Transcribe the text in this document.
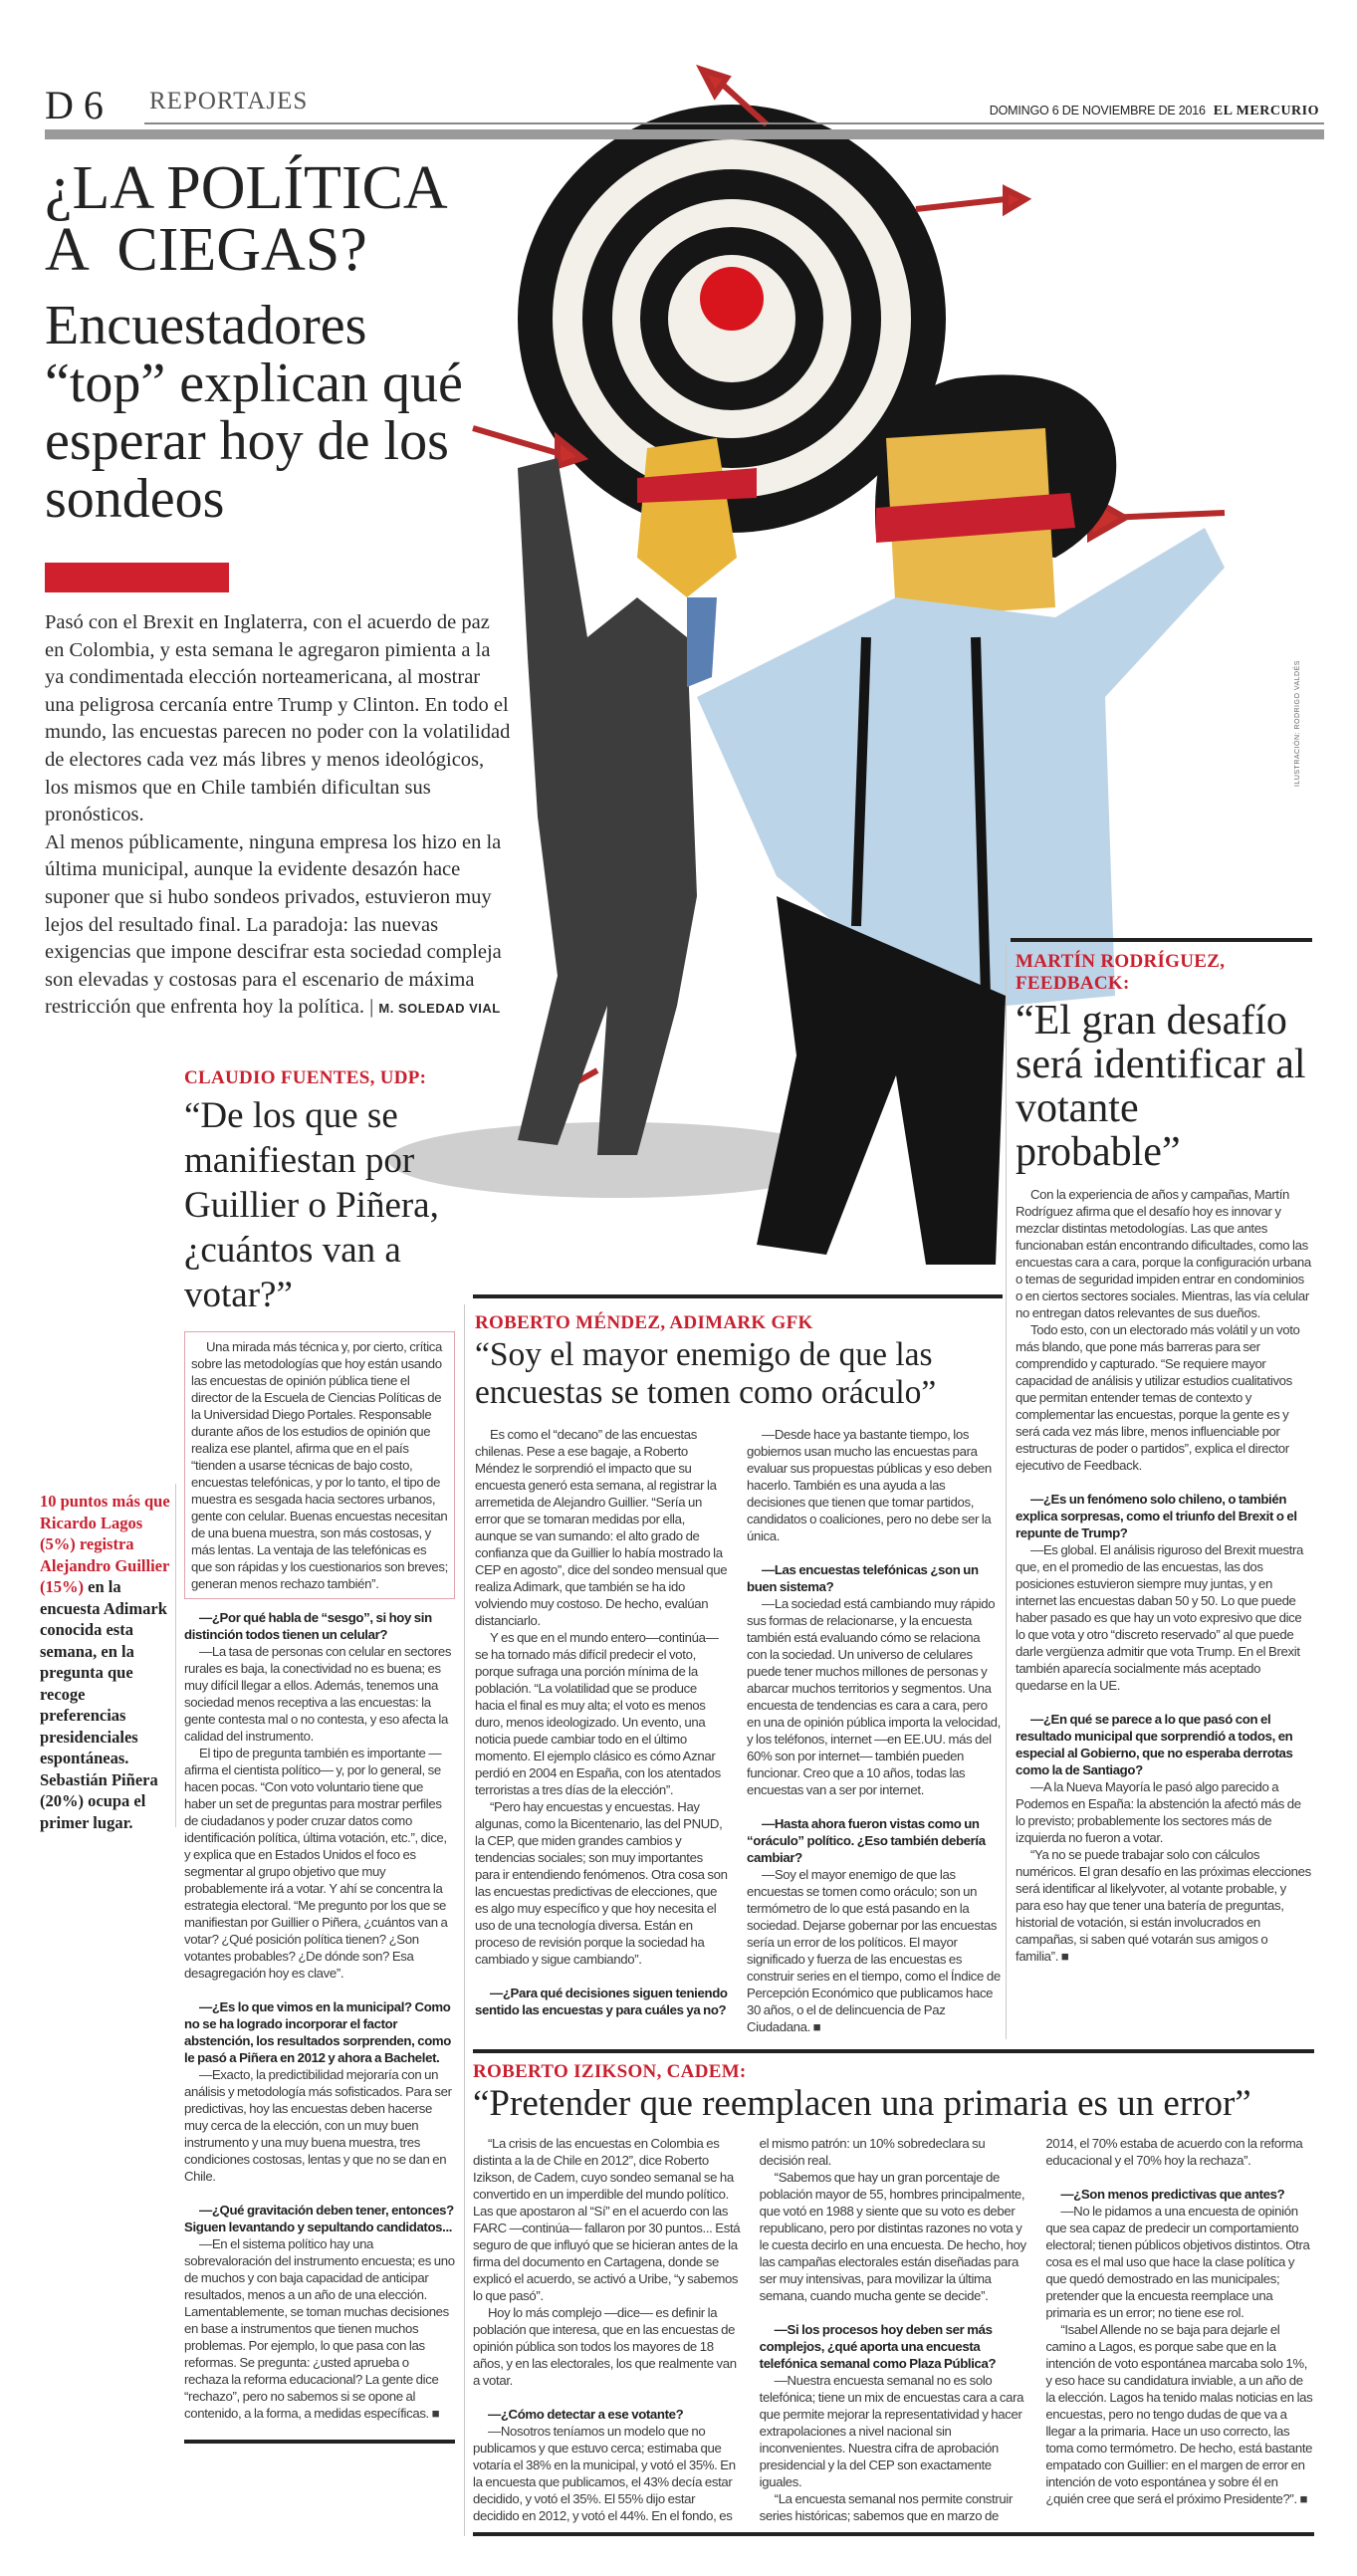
D 6 REPORTAJES	DOMINGO 6 DE NOVIEMBRE DE 2016 EL MERCURIO
¿LA POLÍTICA
A  CIEGAS?
Encuestadores “top” explican qué esperar hoy de los sondeos

Pasó con el Brexit en Inglaterra, con el acuerdo de paz en Colombia, y esta semana le agregaron pimienta a la ya condimentada elección norteamericana, al mostrar una peligrosa cercanía entre Trump y Clinton. En todo el mundo, las encuestas parecen no poder con la volatilidad de electores cada vez más libres y menos ideológicos, los mismos que en Chile también dificultan sus pronósticos.

Al menos públicamente, ninguna empresa los hizo en la última municipal, aunque la evidente desazón hace suponer que si hubo sondeos privados, estuvieron muy lejos del resultado final. La paradoja: las nuevas exigencias que impone descifrar esta sociedad compleja son elevadas y costosas para el escenario de máxima restricción que enfrenta hoy la política. | M. SOLEDAD VIAL

ILUSTRACIÓN: RODRIGO VALDÉS
10 puntos más que Ricardo Lagos (5%) registra Alejandro Guillier (15%) en la encuesta Adimark conocida esta semana, en la pregunta que recoge preferencias presidenciales espontáneas. Sebastián Piñera (20%) ocupa el primer lugar.
CLAUDIO FUENTES, UDP:
“De los que se manifiestan por Guillier o Piñera, ¿cuántos van a votar?”

Una mirada más técnica y, por cierto, crítica sobre las metodologías que hoy están usando las encuestas de opinión pública tiene el director de la Escuela de Ciencias Políticas de la Universidad Diego Portales. Responsable durante años de los estudios de opinión que realiza ese plantel, afirma que en el país “tienden a usarse técnicas de bajo costo, encuestas telefónicas, y por lo tanto, el tipo de muestra es sesgada hacia sectores urbanos, gente con celular. Buenas encuestas necesitan de una buena muestra, son más costosas, y más lentas. La ventaja de las telefónicas es que son rápidas y los cuestionarios son breves; generan menos rechazo también”.

—¿Por qué habla de “sesgo”, si hoy sin distinción todos tienen un celular?

—La tasa de personas con celular en sectores rurales es baja, la conectividad no es buena; es muy difícil llegar a ellos. Además, tenemos una sociedad menos receptiva a las encuestas: la gente contesta mal o no contesta, y eso afecta la calidad del instrumento.

El tipo de pregunta también es importante —afirma el cientista político— y, por lo general, se hacen pocas. “Con voto voluntario tiene que haber un set de preguntas para mostrar perfiles de ciudadanos y poder cruzar datos como identificación política, última votación, etc.”, dice, y explica que en Estados Unidos el foco es segmentar al grupo objetivo que muy probablemente irá a votar. Y ahí se concentra la estrategia electoral. “Me pregunto por los que se manifiestan por Guillier o Piñera, ¿cuántos van a votar? ¿Qué posición política tienen? ¿Son votantes probables? ¿De dónde son? Esa desagregación hoy es clave”.

—¿Es lo que vimos en la municipal? Como no se ha logrado incorporar el factor abstención, los resultados sorprenden, como le pasó a Piñera en 2012 y ahora a Bachelet.

—Exacto, la predictibilidad mejoraría con un análisis y metodología más sofisticados. Para ser predictivas, hoy las encuestas deben hacerse muy cerca de la elección, con un muy buen instrumento y una muy buena muestra, tres condiciones costosas, lentas y que no se dan en Chile.

—¿Qué gravitación deben tener, entonces? Siguen levantando y sepultando candidatos...

—En el sistema político hay una sobrevaloración del instrumento encuesta; es uno de muchos y con baja capacidad de anticipar resultados, menos a un año de una elección. Lamentablemente, se toman muchas decisiones en base a instrumentos que tienen muchos problemas. Por ejemplo, lo que pasa con las reformas. Se pregunta: ¿usted aprueba o rechaza la reforma educacional? La gente dice “rechazo”, pero no sabemos si se opone al contenido, a la forma, a medidas específicas. ■

ROBERTO MÉNDEZ, ADIMARK GFK
“Soy el mayor enemigo de que las encuestas se tomen como oráculo”

Es como el “decano” de las encuestas chilenas. Pese a ese bagaje, a Roberto Méndez le sorprendió el impacto que su encuesta generó esta semana, al registrar la arremetida de Alejandro Guillier. “Sería un error que se tomaran medidas por ella, aunque se van sumando: el alto grado de confianza que da Guillier lo había mostrado la CEP en agosto”, dice del sondeo mensual que realiza Adimark, que también se ha ido volviendo muy costoso. De hecho, evalúan distanciarlo.

Y es que en el mundo entero—continúa— se ha tornado más difícil predecir el voto, porque sufraga una porción mínima de la población. “La volatilidad que se produce hacia el final es muy alta; el voto es menos duro, menos ideologizado. Un evento, una noticia puede cambiar todo en el último momento. El ejemplo clásico es cómo Aznar perdió en 2004 en España, con los atentados terroristas a tres días de la elección”.

“Pero hay encuestas y encuestas. Hay algunas, como la Bicentenario, las del PNUD, la CEP, que miden grandes cambios y tendencias sociales; son muy importantes para ir entendiendo fenómenos. Otra cosa son las encuestas predictivas de elecciones, que es algo muy específico y que hoy necesita el uso de una tecnología diversa. Están en proceso de revisión porque la sociedad ha cambiado y sigue cambiando”.

—¿Para qué decisiones siguen teniendo sentido las encuestas y para cuáles ya no?

—Desde hace ya bastante tiempo, los gobiernos usan mucho las encuestas para evaluar sus propuestas públicas y eso deben hacerlo. También es una ayuda a las decisiones que tienen que tomar partidos, candidatos o coaliciones, pero no debe ser la única.

—Las encuestas telefónicas ¿son un buen sistema?

—La sociedad está cambiando muy rápido sus formas de relacionarse, y la encuesta también está evaluando cómo se relaciona con la sociedad. Un universo de celulares puede tener muchos millones de personas y abarcar muchos territorios y segmentos. Una encuesta de tendencias es cara a cara, pero en una de opinión pública importa la velocidad, y los teléfonos, internet —en EE.UU. más del 60% son por internet— también pueden funcionar. Creo que a 10 años, todas las encuestas van a ser por internet.

—Hasta ahora fueron vistas como un “oráculo” político. ¿Eso también debería cambiar?

—Soy el mayor enemigo de que las encuestas se tomen como oráculo; son un termómetro de lo que está pasando en la sociedad. Dejarse gobernar por las encuestas sería un error de los políticos. El mayor significado y fuerza de las encuestas es construir series en el tiempo, como el Índice de Percepción Económico que publicamos hace 30 años, o el de delincuencia de Paz Ciudadana. ■

MARTÍN RODRÍGUEZ, FEEDBACK:
“El gran desafío será identificar al votante probable”

Con la experiencia de años y campañas, Martín Rodríguez afirma que el desafío hoy es innovar y mezclar distintas metodologías. Las que antes funcionaban están encontrando dificultades, como las encuestas cara a cara, porque la configuración urbana o temas de seguridad impiden entrar en condominios o en ciertos sectores sociales. Mientras, las vía celular no entregan datos relevantes de sus dueños.

Todo esto, con un electorado más volátil y un voto más blando, que pone más barreras para ser comprendido y capturado. “Se requiere mayor capacidad de análisis y utilizar estudios cualitativos que permitan entender temas de contexto y complementar las encuestas, porque la gente es y será cada vez más libre, menos influenciable por estructuras de poder o partidos”, explica el director ejecutivo de Feedback.

—¿Es un fenómeno solo chileno, o también explica sorpresas, como el triunfo del Brexit o el repunte de Trump?

—Es global. El análisis riguroso del Brexit muestra que, en el promedio de las encuestas, las dos posiciones estuvieron siempre muy juntas, y en internet las encuestas daban 50 y 50. Lo que puede haber pasado es que hay un voto expresivo que dice lo que vota y otro “discreto reservado” al que puede darle vergüenza admitir que vota Trump. En el Brexit también aparecía socialmente más aceptado quedarse en la UE.

—¿En qué se parece a lo que pasó con el resultado municipal que sorprendió a todos, en especial al Gobierno, que no esperaba derrotas como la de Santiago?

—A la Nueva Mayoría le pasó algo parecido a Podemos en España: la abstención la afectó más de lo previsto; probablemente los sectores más de izquierda no fueron a votar.

“Ya no se puede trabajar solo con cálculos numéricos. El gran desafío en las próximas elecciones será identificar al likelyvoter, al votante probable, y para eso hay que tener una batería de preguntas, historial de votación, si están involucrados en campañas, si saben qué votarán sus amigos o familia”. ■

ROBERTO IZIKSON, CADEM:
“Pretender que reemplacen una primaria es un error”

“La crisis de las encuestas en Colombia es distinta a la de Chile en 2012”, dice Roberto Izikson, de Cadem, cuyo sondeo semanal se ha convertido en un imperdible del mundo político. Las que apostaron al “Sí” en el acuerdo con las FARC —continúa— fallaron por 30 puntos... Está seguro de que influyó que se hicieran antes de la firma del documento en Cartagena, donde se explicó el acuerdo, se activó a Uribe, “y sabemos lo que pasó”.

Hoy lo más complejo —dice— es definir la población que interesa, que en las encuestas de opinión pública son todos los mayores de 18 años, y en las electorales, los que realmente van a votar.

—¿Cómo detectar a ese votante?

—Nosotros teníamos un modelo que no publicamos y que estuvo cerca; estimaba que votaría el 38% en la municipal, y votó el 35%. En la encuesta que publicamos, el 43% decía estar decidido, y votó el 35%. El 55% dijo estar decidido en 2012, y votó el 44%. En el fondo, es el mismo patrón: un 10% sobredeclara su decisión real.

“Sabemos que hay un gran porcentaje de población mayor de 55, hombres principalmente, que votó en 1988 y siente que su voto es deber republicano, pero por distintas razones no vota y le cuesta decirlo en una encuesta. De hecho, hoy las campañas electorales están diseñadas para ser muy intensivas, para movilizar la última semana, cuando mucha gente se decide”.

—Si los procesos hoy deben ser más complejos, ¿qué aporta una encuesta telefónica semanal como Plaza Pública?

—Nuestra encuesta semanal no es solo telefónica; tiene un mix de encuestas cara a cara que permite mejorar la representatividad y hacer extrapolaciones a nivel nacional sin inconvenientes. Nuestra cifra de aprobación presidencial y la del CEP son exactamente iguales.

“La encuesta semanal nos permite construir series históricas; sabemos que en marzo de 2014, el 70% estaba de acuerdo con la reforma educacional y el 70% hoy la rechaza”.

—¿Son menos predictivas que antes?

—No le pidamos a una encuesta de opinión que sea capaz de predecir un comportamiento electoral; tienen públicos objetivos distintos. Otra cosa es el mal uso que hace la clase política y que quedó demostrado en las municipales; pretender que la encuesta reemplace una primaria es un error; no tiene ese rol.

“Isabel Allende no se baja para dejarle el camino a Lagos, es porque sabe que en la intención de voto espontánea marcaba solo 1%, y eso hace su candidatura inviable, a un año de la elección. Lagos ha tenido malas noticias en las encuestas, pero no tengo dudas de que va a llegar a la primaria. Hace un uso correcto, las toma como termómetro. De hecho, está bastante empatado con Guillier: en el margen de error en intención de voto espontánea y sobre él en ¿quién cree que será el próximo Presidente?”. ■
